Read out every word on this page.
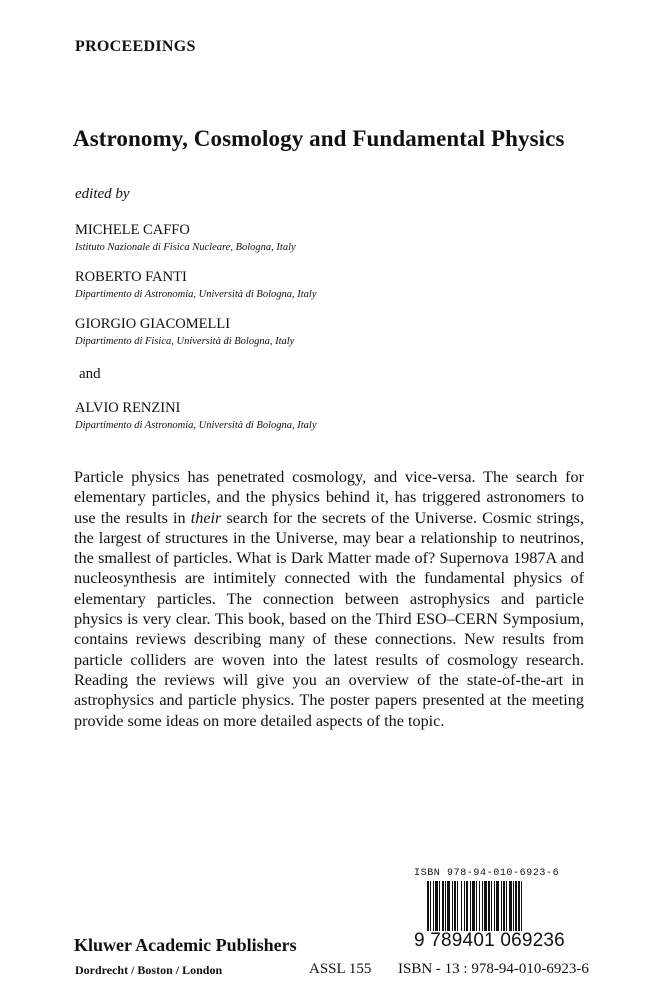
PROCEEDINGS
Astronomy, Cosmology and Fundamental Physics
edited by
MICHELE CAFFO
Istituto Nazionale di Fisica Nucleare, Bologna, Italy
ROBERTO FANTI
Dipartimento di Astronomia, Università di Bologna, Italy
GIORGIO GIACOMELLI
Dipartimento di Fisica, Università di Bologna, Italy
and
ALVIO RENZINI
Dipartimento di Astronomia, Università di Bologna, Italy

Particle physics has penetrated cosmology, and vice-versa. The search for elementary particles, and the physics behind it, has triggered astronomers to use the results in their search for the secrets of the Universe. Cosmic strings, the largest of structures in the Universe, may bear a relationship to neutrinos, the smallest of particles. What is Dark Matter made of? Supernova 1987A and nucleosynthesis are intimitely connected with the fundamental physics of elementary particles. The connection between astrophysics and particle physics is very clear. This book, based on the Third ESO–CERN Symposium, contains reviews describing many of these connections. New results from particle colliders are woven into the latest results of cosmology research. Reading the reviews will give you an overview of the state-of-the-art in astrophysics and particle physics. The poster papers presented at the meeting provide some ideas on more detailed aspects of the topic.

ISBN 978-94-010-6923-6
9 789401 069236
Kluwer Academic Publishers
Dordrecht / Boston / London	ASSL 155 ISBN - 13 : 978-94-010-6923-6
